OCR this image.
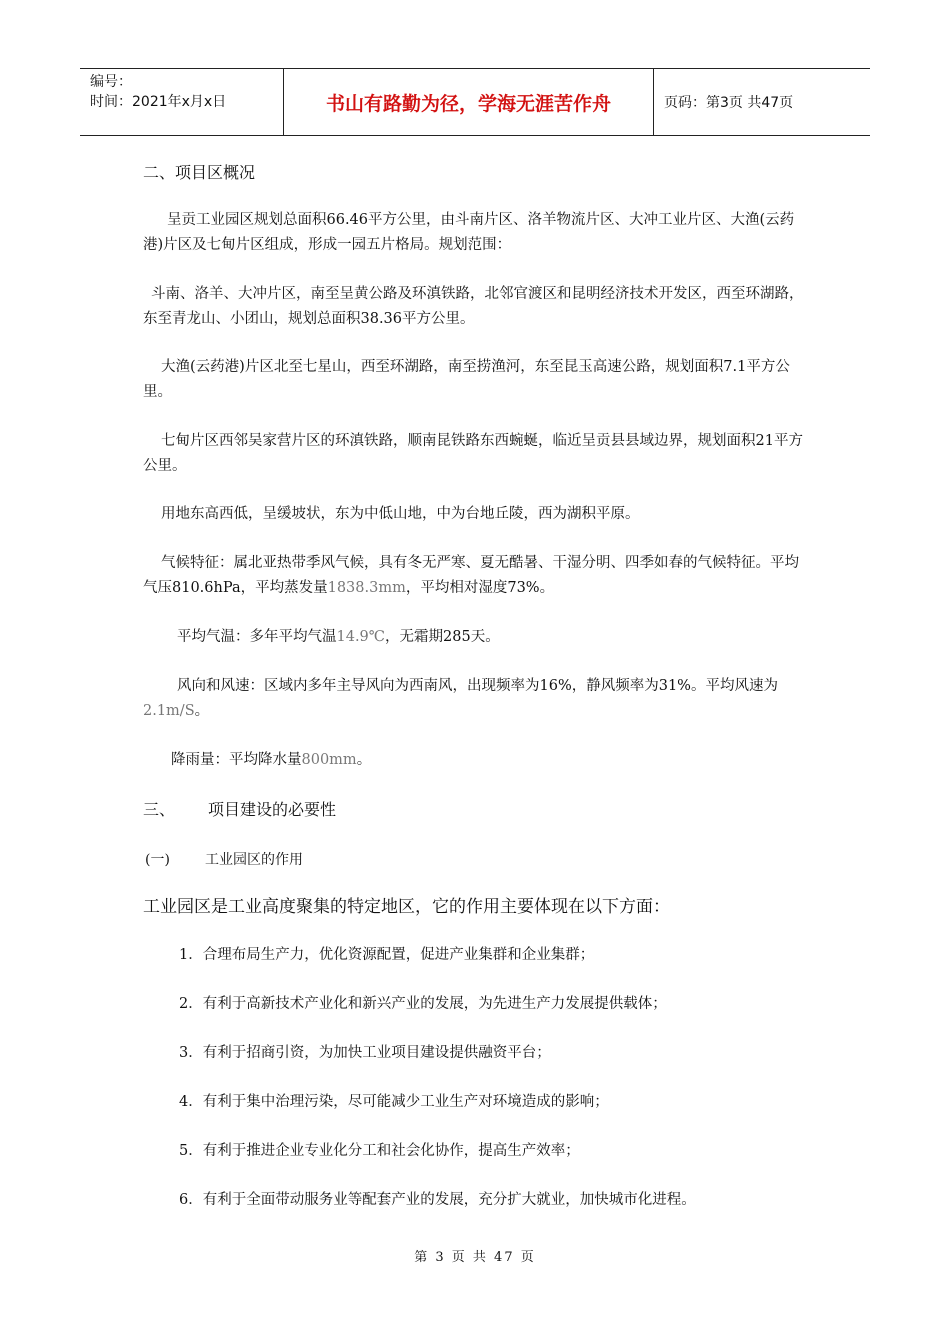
编号：
时间：2021年x月x日	书山有路勤为径，学海无涯苦作舟	页码：第3页 共47页

二、项目区概况

呈贡工业园区规划总面积66.46平方公里，由斗南片区、洛羊物流片区、大冲工业片区、大渔(云药港)片区及七甸片区组成，形成一园五片格局。规划范围：

斗南、洛羊、大冲片区，南至呈黄公路及环滇铁路，北邻官渡区和昆明经济技术开发区，西至环湖路，东至青龙山、小团山，规划总面积38.36平方公里。

大渔(云药港)片区北至七星山，西至环湖路，南至捞渔河，东至昆玉高速公路，规划面积7.1平方公里。

七甸片区西邻吴家营片区的环滇铁路，顺南昆铁路东西蜿蜒，临近呈贡县县域边界，规划面积21平方公里。

用地东高西低，呈缓坡状，东为中低山地，中为台地丘陵，西为湖积平原。

气候特征：属北亚热带季风气候，具有冬无严寒、夏无酷暑、干湿分明、四季如春的气候特征。平均气压810.6hPa，平均蒸发量1838.3mm，平均相对湿度73%。

平均气温：多年平均气温14.9℃，无霜期285天。

风向和风速：区域内多年主导风向为西南风，出现频率为16%，静风频率为31%。平均风速为2.1m/S。

降雨量：平均降水量800mm。

三、 项目建设的必要性

(一)	工业园区的作用

工业园区是工业高度聚集的特定地区，它的作用主要体现在以下方面：

1．合理布局生产力，优化资源配置，促进产业集群和企业集群；

2．有利于高新技术产业化和新兴产业的发展，为先进生产力发展提供载体；

3．有利于招商引资，为加快工业项目建设提供融资平台；

4．有利于集中治理污染，尽可能减少工业生产对环境造成的影响；

5．有利于推进企业专业化分工和社会化协作，提高生产效率；

6．有利于全面带动服务业等配套产业的发展，充分扩大就业，加快城市化进程。

第 3 页 共 47 页
